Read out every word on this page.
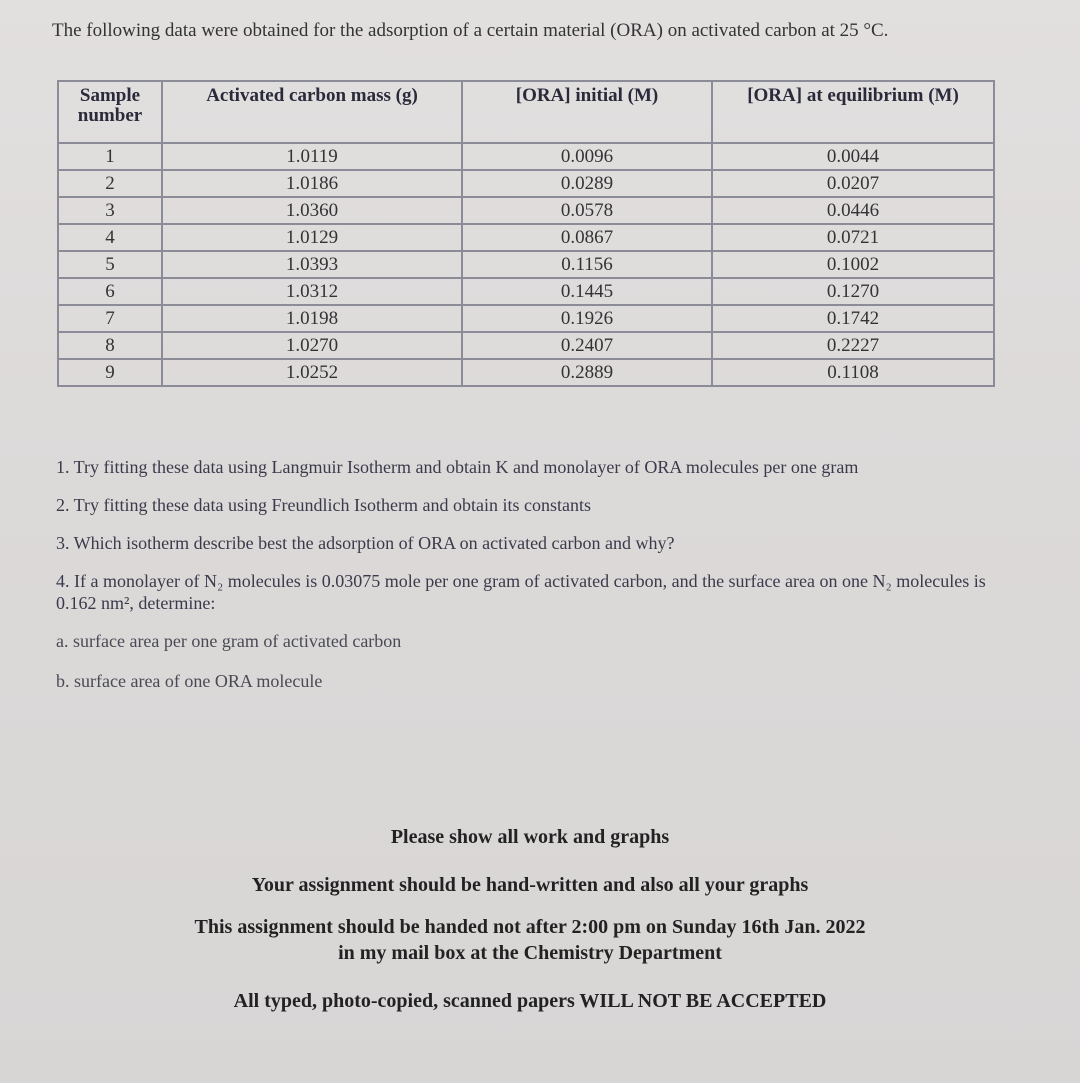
The following data were obtained for the adsorption of a certain material (ORA) on activated carbon at 25 °C.

Sample number	Activated carbon mass (g)	[ORA] initial (M)	[ORA] at equilibrium (M)
1	1.0119	0.0096	0.0044
2	1.0186	0.0289	0.0207
3	1.0360	0.0578	0.0446
4	1.0129	0.0867	0.0721
5	1.0393	0.1156	0.1002
6	1.0312	0.1445	0.1270
7	1.0198	0.1926	0.1742
8	1.0270	0.2407	0.2227
9	1.0252	0.2889	0.1108

1. Try fitting these data using Langmuir Isotherm and obtain K and monolayer of ORA molecules per one gram

2. Try fitting these data using Freundlich Isotherm and obtain its constants

3. Which isotherm describe best the adsorption of ORA on activated carbon and why?

4. If a monolayer of N₂ molecules is 0.03075 mole per one gram of activated carbon, and the surface area on one N₂ molecules is 0.162 nm², determine:

a. surface area per one gram of activated carbon

b. surface area of one ORA molecule

Please show all work and graphs

Your assignment should be hand-written and also all your graphs

This assignment should be handed not after 2:00 pm on Sunday 16th Jan. 2022

in my mail box at the Chemistry Department

All typed, photo-copied, scanned papers WILL NOT BE ACCEPTED
